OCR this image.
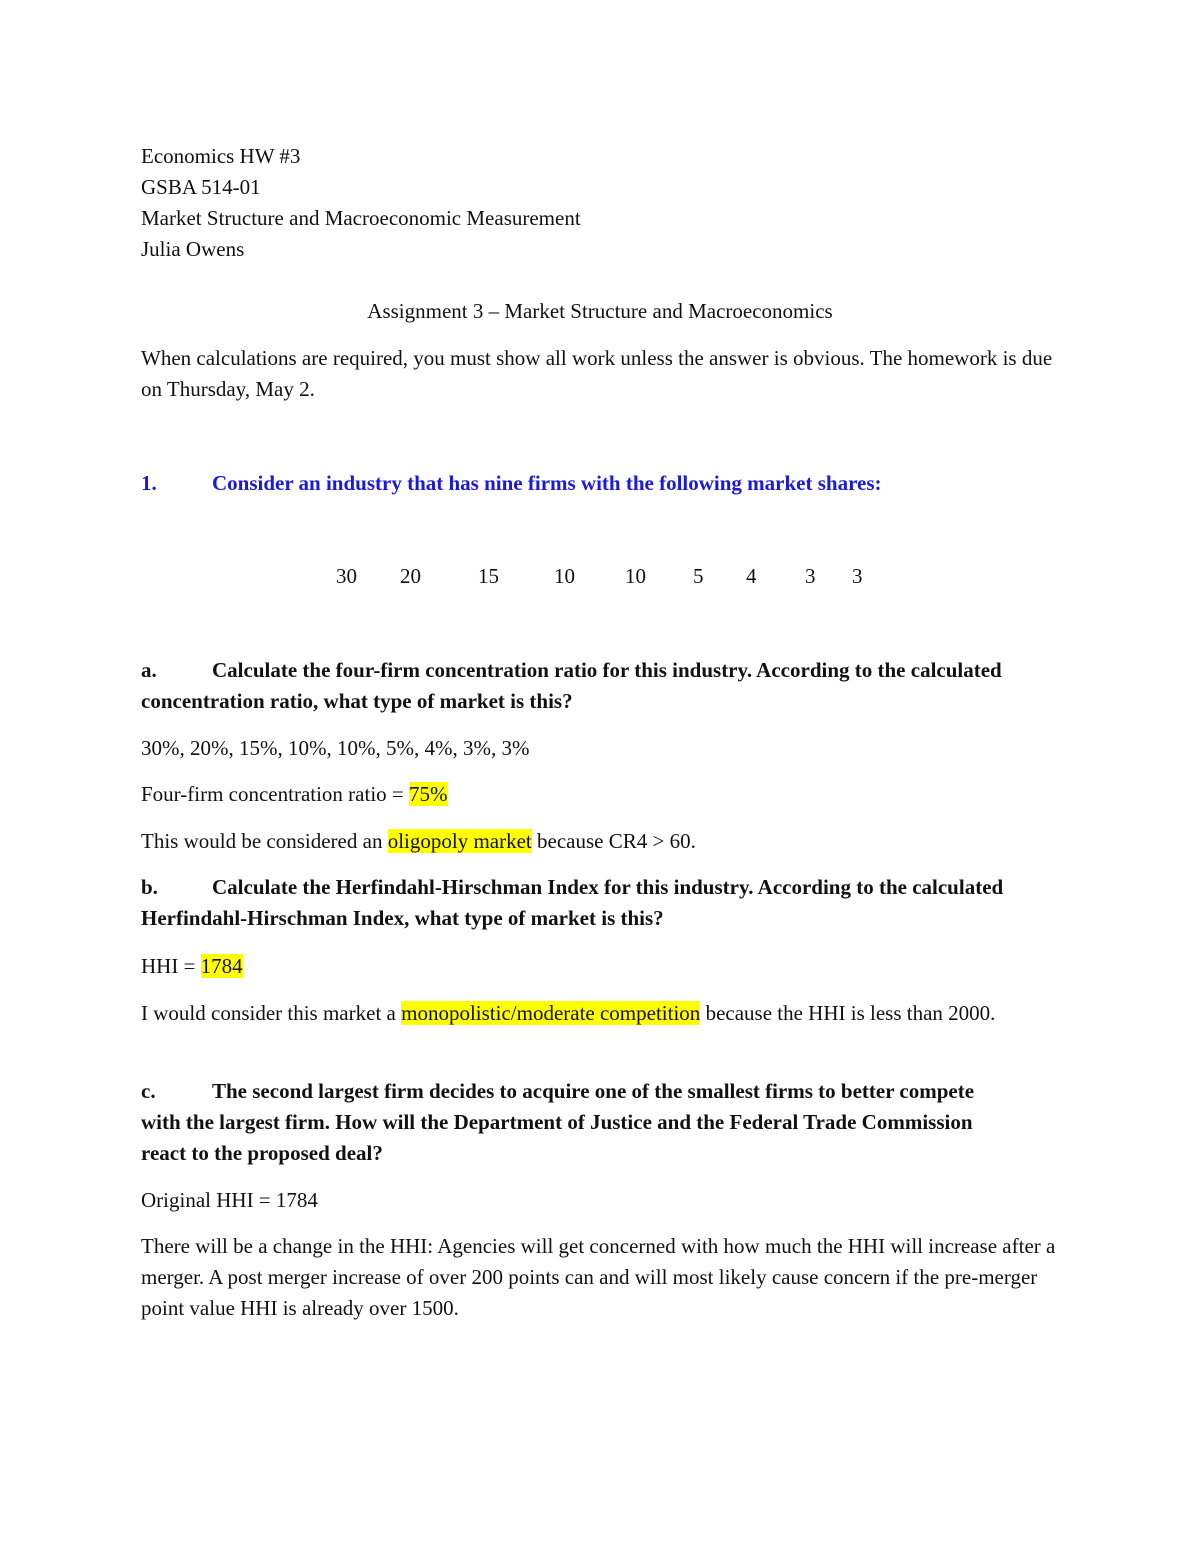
Economics HW #3
GSBA 514-01
Market Structure and Macroeconomic Measurement
Julia Owens
Assignment 3 – Market Structure and Macroeconomics
When calculations are required, you must show all work unless the answer is obvious. The homework is due on Thursday, May 2.
1.	Consider an industry that has nine firms with the following market shares:
30 20	15	10 10 5 4 3 3
a.	Calculate the four-firm concentration ratio for this industry. According to the calculated concentration ratio, what type of market is this?
30%, 20%, 15%, 10%, 10%, 5%, 4%, 3%, 3%
Four-firm concentration ratio = 75%
This would be considered an oligopoly market because CR4 > 60.
b.	Calculate the Herfindahl-Hirschman Index for this industry. According to the calculated Herfindahl-Hirschman Index, what type of market is this?
HHI = 1784
I would consider this market a monopolistic/moderate competition because the HHI is less than 2000.
c.	The second largest firm decides to acquire one of the smallest firms to better compete with the largest firm. How will the Department of Justice and the Federal Trade Commission react to the proposed deal?
Original HHI = 1784
There will be a change in the HHI: Agencies will get concerned with how much the HHI will increase after a merger. A post merger increase of over 200 points can and will most likely cause concern if the pre-merger point value HHI is already over 1500.
